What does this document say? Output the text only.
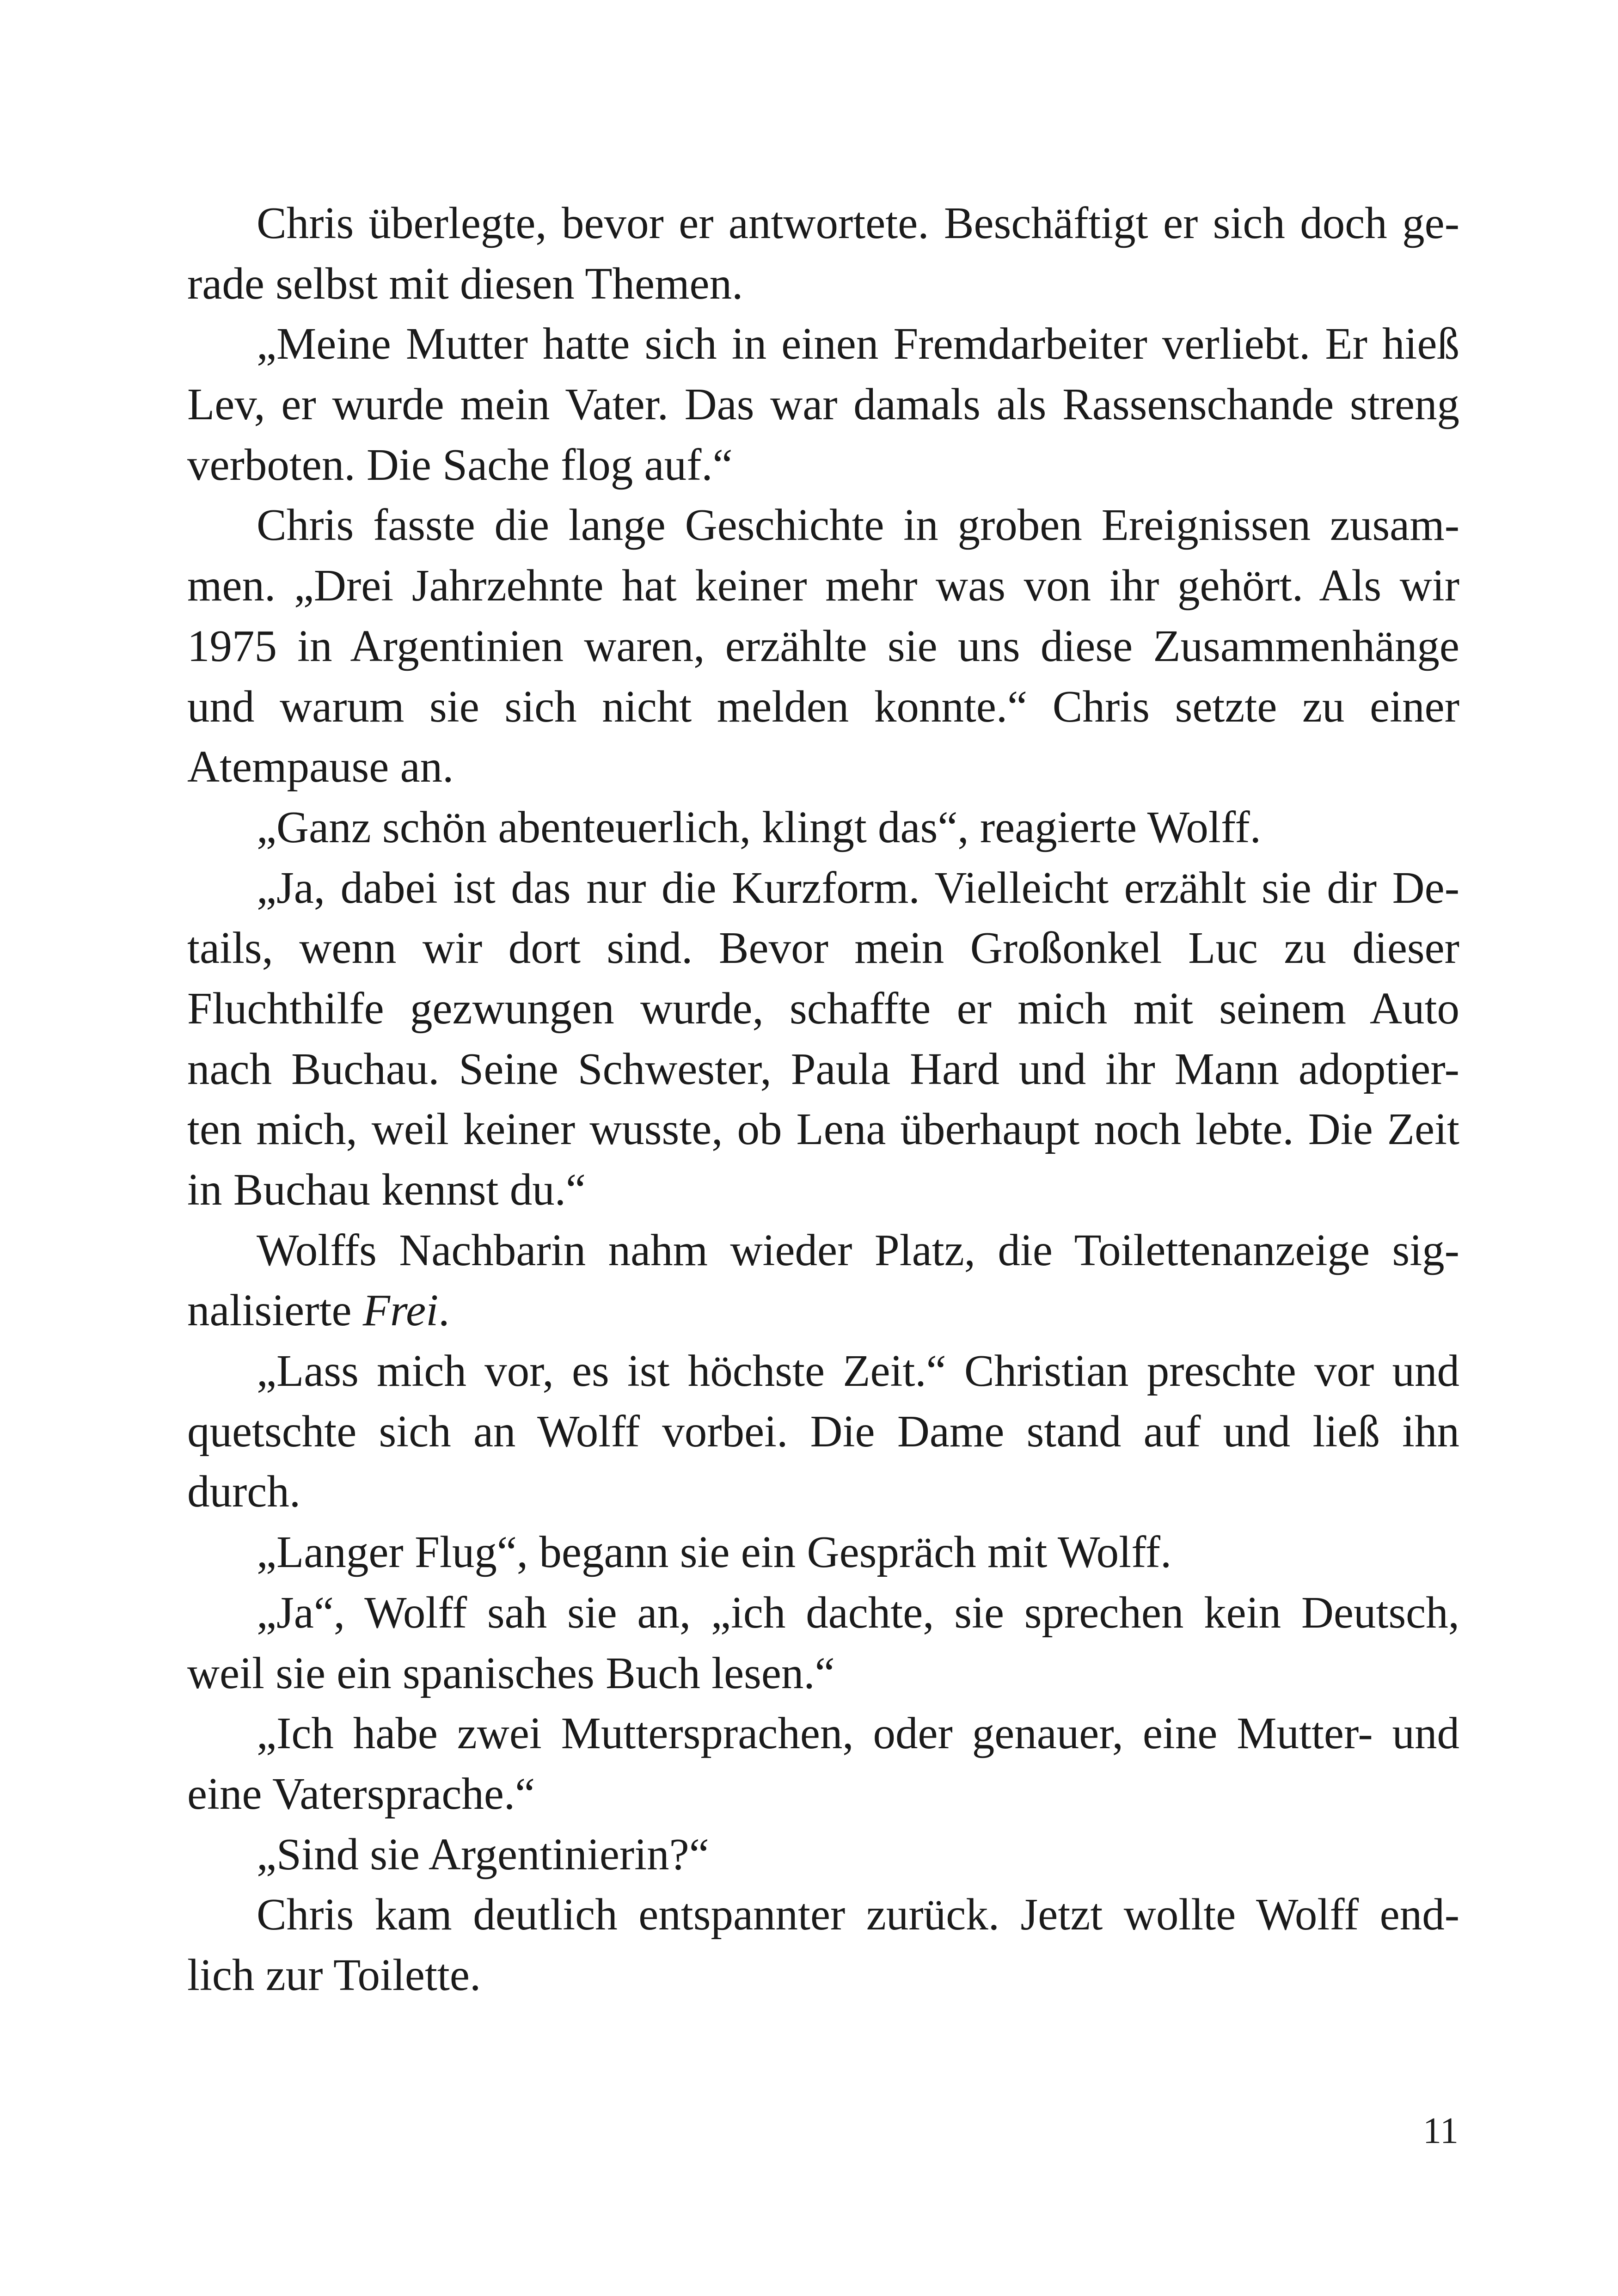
Chris überlegte, bevor er antwortete. Beschäftigt er sich doch ge-
rade selbst mit diesen Themen.
„Meine Mutter hatte sich in einen Fremdarbeiter verliebt. Er hieß
Lev, er wurde mein Vater. Das war damals als Rassenschande streng
verboten. Die Sache flog auf.“
Chris fasste die lange Geschichte in groben Ereignissen zusam-
men. „Drei Jahrzehnte hat keiner mehr was von ihr gehört. Als wir
1975 in Argentinien waren, erzählte sie uns diese Zusammenhänge
und warum sie sich nicht melden konnte.“ Chris setzte zu einer
Atempause an.
„Ganz schön abenteuerlich, klingt das“, reagierte Wolff.
„Ja, dabei ist das nur die Kurzform. Vielleicht erzählt sie dir De-
tails, wenn wir dort sind. Bevor mein Großonkel Luc zu dieser
Fluchthilfe gezwungen wurde, schaffte er mich mit seinem Auto
nach Buchau. Seine Schwester, Paula Hard und ihr Mann adoptier-
ten mich, weil keiner wusste, ob Lena überhaupt noch lebte. Die Zeit
in Buchau kennst du.“
Wolffs Nachbarin nahm wieder Platz, die Toilettenanzeige sig-
nalisierte Frei.
„Lass mich vor, es ist höchste Zeit.“ Christian preschte vor und
quetschte sich an Wolff vorbei. Die Dame stand auf und ließ ihn
durch.
„Langer Flug“, begann sie ein Gespräch mit Wolff.
„Ja“, Wolff sah sie an, „ich dachte, sie sprechen kein Deutsch,
weil sie ein spanisches Buch lesen.“
„Ich habe zwei Muttersprachen, oder genauer, eine Mutter- und
eine Vatersprache.“
„Sind sie Argentinierin?“
Chris kam deutlich entspannter zurück. Jetzt wollte Wolff end-
lich zur Toilette.
11
